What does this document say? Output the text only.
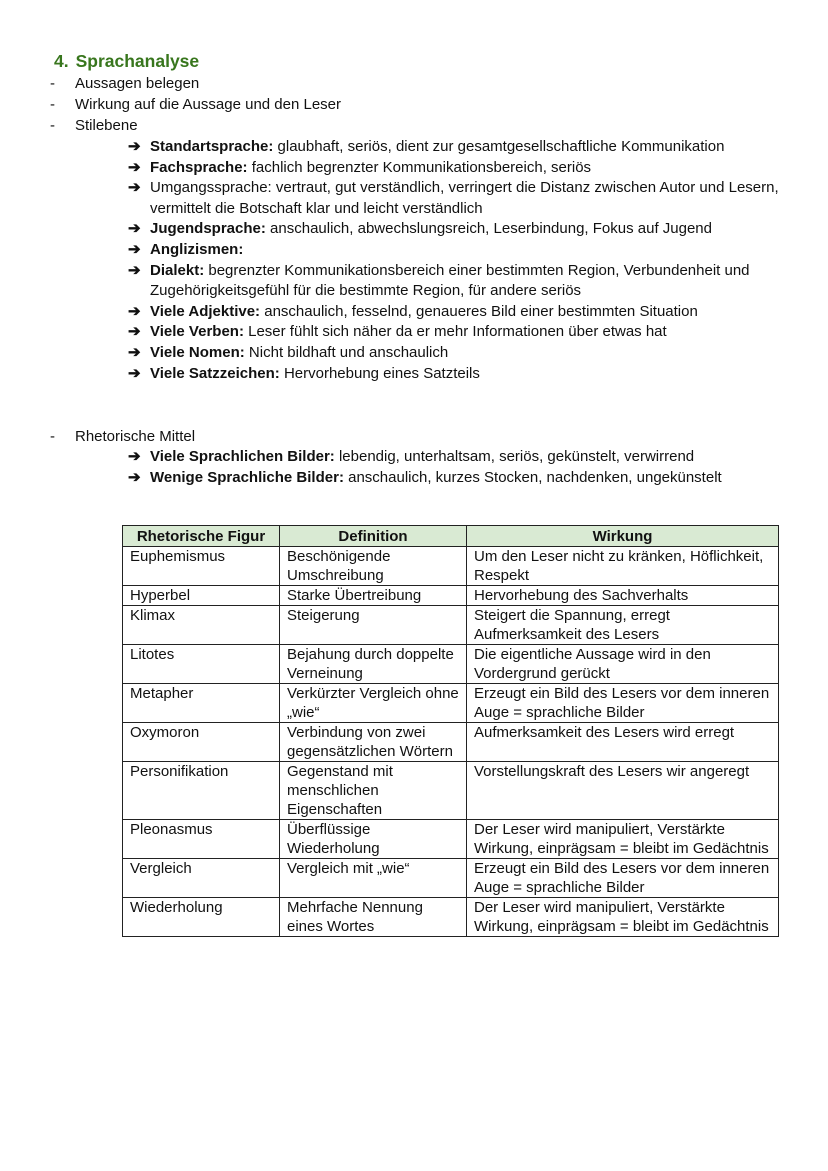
4. Sprachanalyse
-	Aussagen belegen
-	Wirkung auf die Aussage und den Leser
-	Stilebene
➔ Standartsprache: glaubhaft, seriös, dient zur gesamtgesellschaftliche Kommunikation
➔ Fachsprache: fachlich begrenzter Kommunikationsbereich, seriös
➔ Umgangssprache: vertraut, gut verständlich, verringert die Distanz zwischen Autor und Lesern, vermittelt die Botschaft klar und leicht verständlich
➔ Jugendsprache: anschaulich, abwechslungsreich, Leserbindung, Fokus auf Jugend
➔ Anglizismen:
➔ Dialekt: begrenzter Kommunikationsbereich einer bestimmten Region, Verbundenheit und Zugehörigkeitsgefühl für die bestimmte Region, für andere seriös
➔ Viele Adjektive: anschaulich, fesselnd, genaueres Bild einer bestimmten Situation
➔ Viele Verben: Leser fühlt sich näher da er mehr Informationen über etwas hat
➔ Viele Nomen: Nicht bildhaft und anschaulich
➔ Viele Satzzeichen: Hervorhebung eines Satzteils
-	Rhetorische Mittel
➔ Viele Sprachlichen Bilder: lebendig, unterhaltsam, seriös, gekünstelt, verwirrend
➔ Wenige Sprachliche Bilder: anschaulich, kurzes Stocken, nachdenken, ungekünstelt
Rhetorische Figur	Definition	Wirkung
Euphemismus	Beschönigende Umschreibung	Um den Leser nicht zu kränken, Höflichkeit, Respekt
Hyperbel	Starke Übertreibung	Hervorhebung des Sachverhalts
Klimax	Steigerung	Steigert die Spannung, erregt Aufmerksamkeit des Lesers
Litotes	Bejahung durch doppelte Verneinung	Die eigentliche Aussage wird in den Vordergrund gerückt
Metapher	Verkürzter Vergleich ohne „wie“	Erzeugt ein Bild des Lesers vor dem inneren Auge = sprachliche Bilder
Oxymoron	Verbindung von zwei gegensätzlichen Wörtern	Aufmerksamkeit des Lesers wird erregt
Personifikation	Gegenstand mit menschlichen Eigenschaften	Vorstellungskraft des Lesers wir angeregt
Pleonasmus	Überflüssige Wiederholung	Der Leser wird manipuliert, Verstärkte Wirkung, einprägsam = bleibt im Gedächtnis
Vergleich	Vergleich mit „wie“	Erzeugt ein Bild des Lesers vor dem inneren Auge = sprachliche Bilder
Wiederholung	Mehrfache Nennung eines Wortes	Der Leser wird manipuliert, Verstärkte Wirkung, einprägsam = bleibt im Gedächtnis
